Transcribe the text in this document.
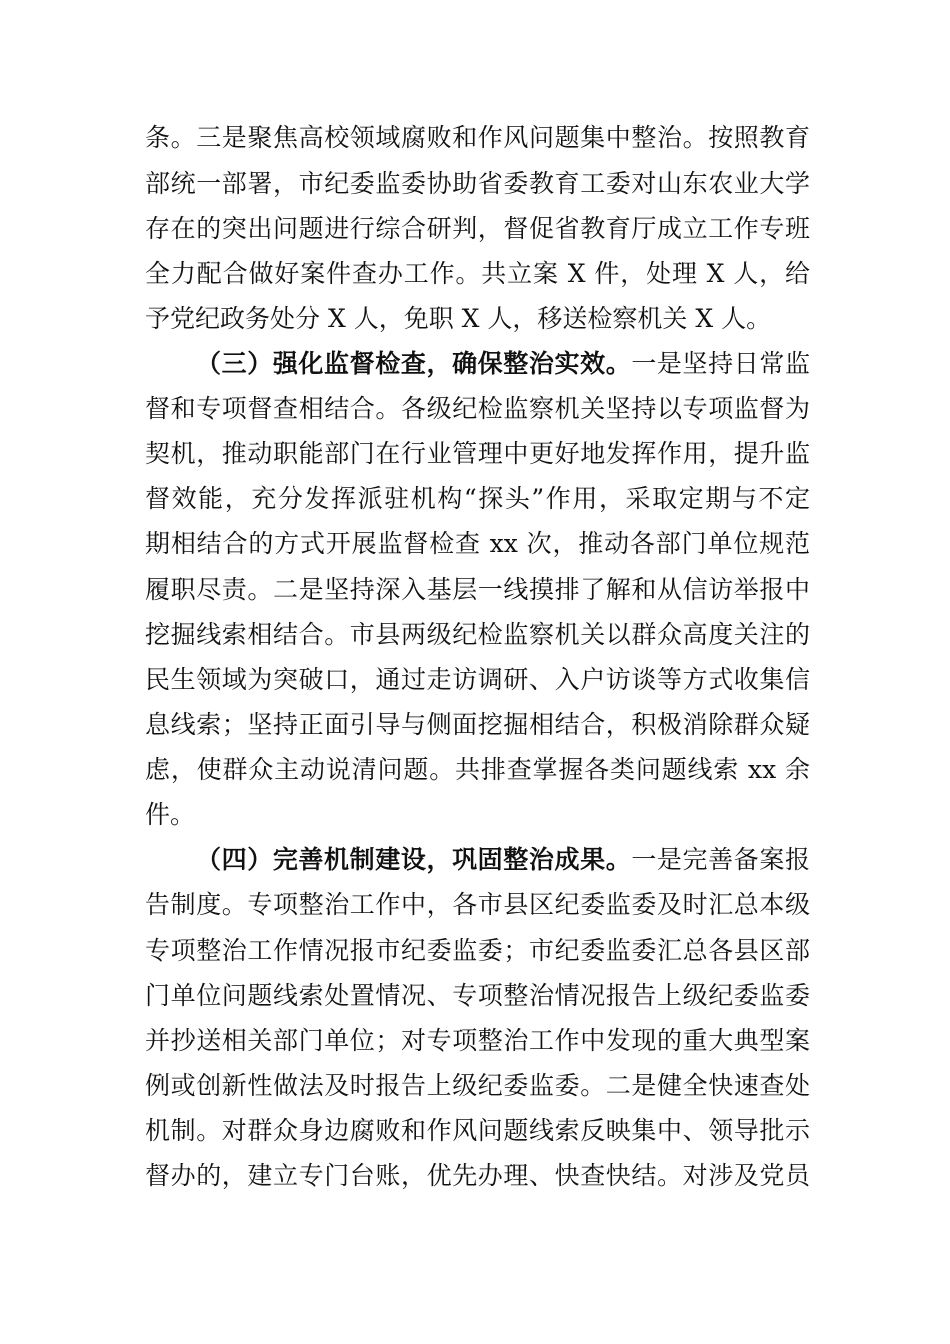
条。三是聚焦高校领域腐败和作风问题集中整治。按照教育
部统一部署，市纪委监委协助省委教育工委对山东农业大学
存在的突出问题进行综合研判，督促省教育厅成立工作专班
全力配合做好案件查办工作。共立案 X 件，处理 X 人，给
予党纪政务处分 X 人，免职 X 人，移送检察机关 X 人。
（三）强化监督检查，确保整治实效。一是坚持日常监
督和专项督查相结合。各级纪检监察机关坚持以专项监督为
契机，推动职能部门在行业管理中更好地发挥作用，提升监
督效能，充分发挥派驻机构“探头”作用，采取定期与不定
期相结合的方式开展监督检查 xx 次，推动各部门单位规范
履职尽责。二是坚持深入基层一线摸排了解和从信访举报中
挖掘线索相结合。市县两级纪检监察机关以群众高度关注的
民生领域为突破口，通过走访调研、入户访谈等方式收集信
息线索；坚持正面引导与侧面挖掘相结合，积极消除群众疑
虑，使群众主动说清问题。共排查掌握各类问题线索 xx 余
件。
（四）完善机制建设，巩固整治成果。一是完善备案报
告制度。专项整治工作中，各市县区纪委监委及时汇总本级
专项整治工作情况报市纪委监委；市纪委监委汇总各县区部
门单位问题线索处置情况、专项整治情况报告上级纪委监委
并抄送相关部门单位；对专项整治工作中发现的重大典型案
例或创新性做法及时报告上级纪委监委。二是健全快速查处
机制。对群众身边腐败和作风问题线索反映集中、领导批示
督办的，建立专门台账，优先办理、快查快结。对涉及党员
